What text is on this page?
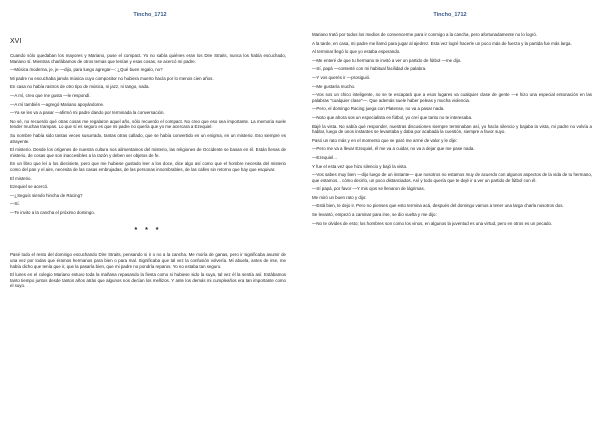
Tincho_1712
XVI

Cuando sólo quedaban los mayores y Mariano, puse el compact. Yo no sabía quiénes eran los Dire Straits, nunca los había escuchado, Mariano sí. Mientras charlábamos de otros temas que tenían y esas cosas, se acercó mi padre.

—Música moderna, je, je —dijo, para luego agregar—: ¿Qué buen regalo, no?

Mi padre no escuchaba jamás música cuyo compositor no hubiera muerto hacía por lo menos cien años.

En casa no había rastros de otro tipo de música, ni jazz, ni tango, nada.

—A mí, creo que me gusta —le respondí.

—A mí también —agregó Mariano apoyándome.

—Ya se les va a pasar —afirmó mi padre dando por terminada la conversación.

No sé, no recuerdo qué otras cosas me regalaron aquel año, sólo recuerdo el compact. No creo que eso sea importante. La memoria suele tender muchas trampas. Lo que sí es seguro es que mi padre no quería que yo me acercara a Ezequiel.

Su nombre había sido tantas veces susurrado, tantas otras callado, que se había convertido en un enigma, en un misterio. Eso siempre es atrayente.

El misterio. Desde los orígenes de nuestra cultura nos alimentamos del misterio, las religiones de Occidente se basan en él. Están llenas de misterio, de cosas que son inaccesibles a la razón y deben ser objetos de fe.

En un libro que leí a los diecisiete, pero que me hubiese gustado leer a los doce, dice algo así como que el hombre necesita del misterio como del pan y el aire, necesita de las casas embrujadas, de las personas innombrables, de las calles sin retorno que hay que esquivar.

El misterio.

Ezequiel se acercó.

—¿Seguís siendo hincha de Racing?

—Sí.

—Te invito a la cancha el próximo domingo.

* * *

Pasé todo el resto del domingo escuchando Dire Straits, pensando si ir o no a la cancha. Me moría de ganas, pero ir significaba asumir de una vez por todas que éramos hermanos para bien o para mal. Significaba que tal vez la confusión volvería. Mi abuela, antes de irse, me había dicho que tenía que ir, que la pasaría bien, que mi padre no pondría reparos. Yo no estaba tan seguro.

El lunes en el colegio Mariano estuvo toda la mañana repasando la fiesta como si hubiese sido la suya, tal vez él la sentía así. Estábamos tanto tiempo juntos desde tantos años atrás que algunos nos decían los mellizos. Y ante los demás mi cumpleaños era tan importante como el suyo.

Tincho_1712

Mariano trató por todos los medios de convencerme para ir conmigo a la cancha, pero afortunadamente no lo logró.

A la tarde, en casa, mi padre me llamó para jugar al ajedrez. Esta vez logré hacerle un poco más de fuerza y la partida fue más larga.

Al terminar llegó lo que yo estaba esperando.

—Me enteré de que tu hermano te invitó a ver un partido de fútbol —me dijo.

—Sí, papá —contesté con mi habitual facilidad de palabra.

—Y vos querés ir —prosiguió.

—Me gustaría mucho.

—Vos sos un chico inteligente, no se te escapará que a esos lugares va cualquier clase de gente —e hizo una especial entonación en las palabras "cualquier clase"—. Que además suele haber peleas y mucha violencia.

—Pero, el domingo Racing juega con Platense, no va a pasar nada.

—Noto que ahora sos un especialista en fútbol, yo creí que tanto no te interesaba.

Bajé la vista. No sabía qué responder, nuestras discusiones siempre terminaban así, yo hacía silencio y bajaba la vista, mi padre no volvía a hablar, luego de unos instantes se levantaba y daba por acabada la cuestión, siempre a favor suyo.

Pasó un rato más y en el momento que se paró me armé de valor y le dije:

—Pero me va a llevar Ezequiel, él me va a cuidar, no va a dejar que me pase nada.

—Ezequiel...

Y fue el esta vez que hizo silencio y bajó la vista.

—Vos sabes muy bien —dijo luego de un instante— que nosotros no estamos muy de acuerdo con algunos aspectos de la vida de tu hermano, que estamos... cómo decirlo, un poco distanciados. Así y todo quería que te dejé ir a ver un partido de fútbol con él.

—Sí papá, por favor —Y mis ojos se llenaron de lágrimas.

Me miró un buen rato y dijo:

—Está bien, te dejo ir. Pero no pienses que esto termina acá, después del domingo vamos a tener una larga charla nosotros dos.

Se levantó, empezó a caminar para irse, se dio vuelta y me dijo:

—No te olvides de esto; los hombres son como los vinos, en algunos la juventud es una virtud, pero en otros es un pecado.
